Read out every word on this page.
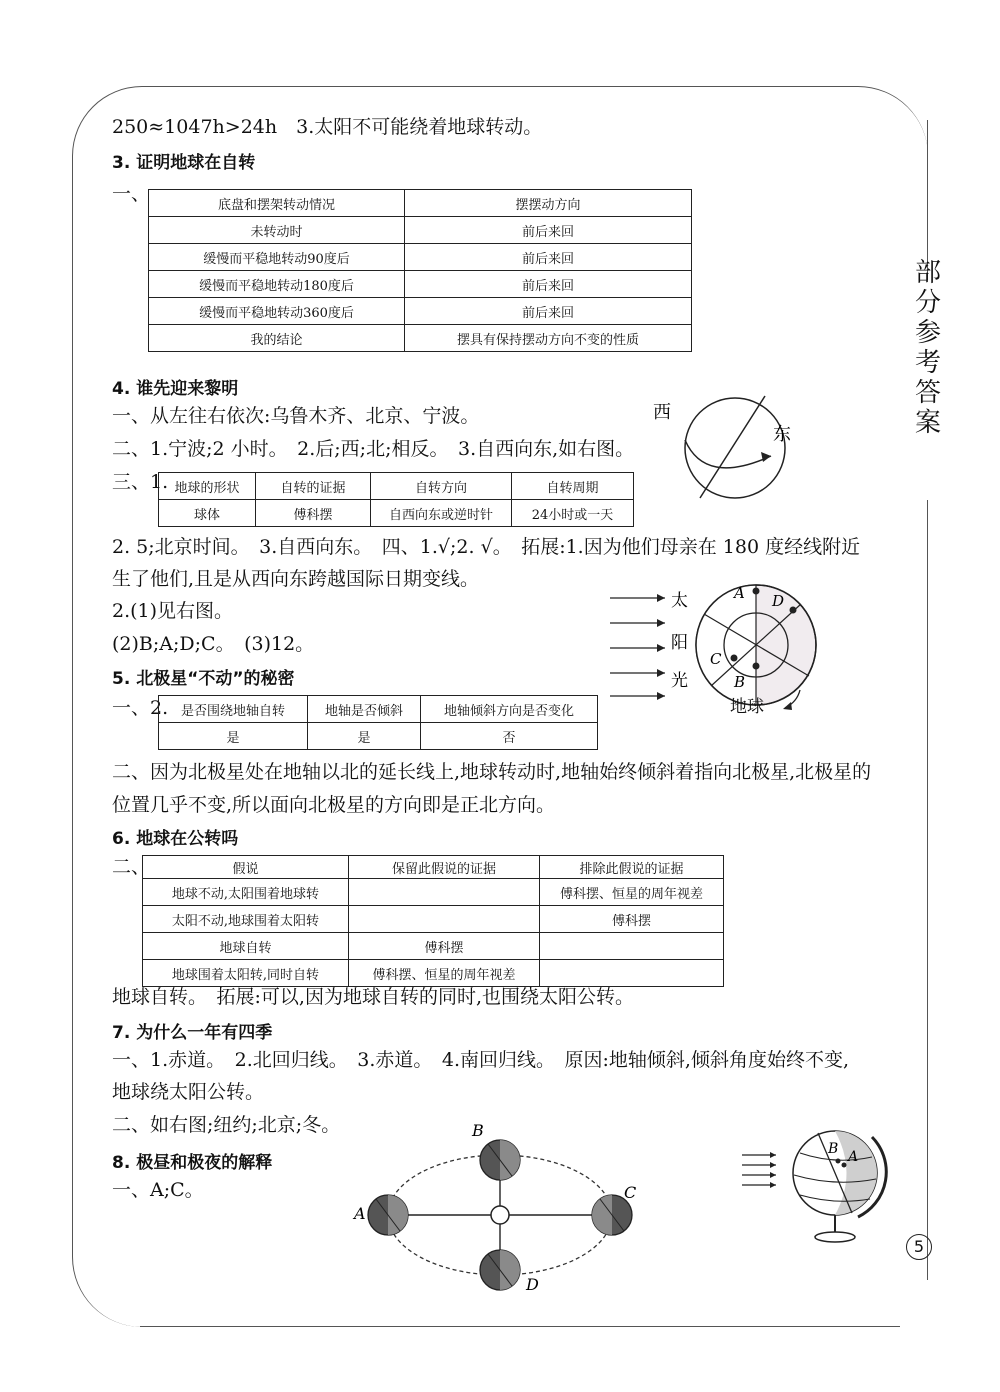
部分参考答案
250≈1047h>24h　3.太阳不可能绕着地球转动。
3. 证明地球在自转
一、	底盘和摆架转动情况	摆摆动方向
未转动时	前后来回
缓慢而平稳地转动90度后	前后来回
缓慢而平稳地转动180度后	前后来回
缓慢而平稳地转动360度后	前后来回
我的结论	摆具有保持摆动方向不变的性质
4. 谁先迎来黎明
一、从左往右依次:乌鲁木齐、北京、宁波。
二、1.宁波;2 小时。　2.后;西;北;相反。　3.自西向东,如右图。
三、1. 地球的形状	自转的证据	自转方向	自转周期
球体	傅科摆	自西向东或逆时针	24小时或一天
2. 5;北京时间。　3.自西向东。　四、1.√;2. √。　拓展:1.因为他们母亲在 180 度经线附近
生了他们,且是从西向东跨越国际日期变线。
2.(1)见右图。
(2)B;A;D;C。　(3)12。
西
东
太
阳
光
A D
C
B
地球
5. 北极星“不动”的秘密
一、2. 是否围绕地轴自转	地轴是否倾斜	地轴倾斜方向是否变化
是	是	否
二、因为北极星处在地轴以北的延长线上,地球转动时,地轴始终倾斜着指向北极星,北极星的
位置几乎不变,所以面向北极星的方向即是正北方向。
6. 地球在公转吗
二、	假说	保留此假说的证据	排除此假说的证据
地球不动,太阳围着地球转		傅科摆、恒星的周年视差
太阳不动,地球围着太阳转		傅科摆
地球自转	傅科摆	
地球围着太阳转,同时自转	傅科摆、恒星的周年视差	
地球自转。　拓展:可以,因为地球自转的同时,也围绕太阳公转。
7. 为什么一年有四季
一、1.赤道。　2.北回归线。　3.赤道。　4.南回归线。　原因:地轴倾斜,倾斜角度始终不变,
地球绕太阳公转。
二、如右图;纽约;北京;冬。
8. 极昼和极夜的解释
一、A;C。
A
B
C
D
B A
5
